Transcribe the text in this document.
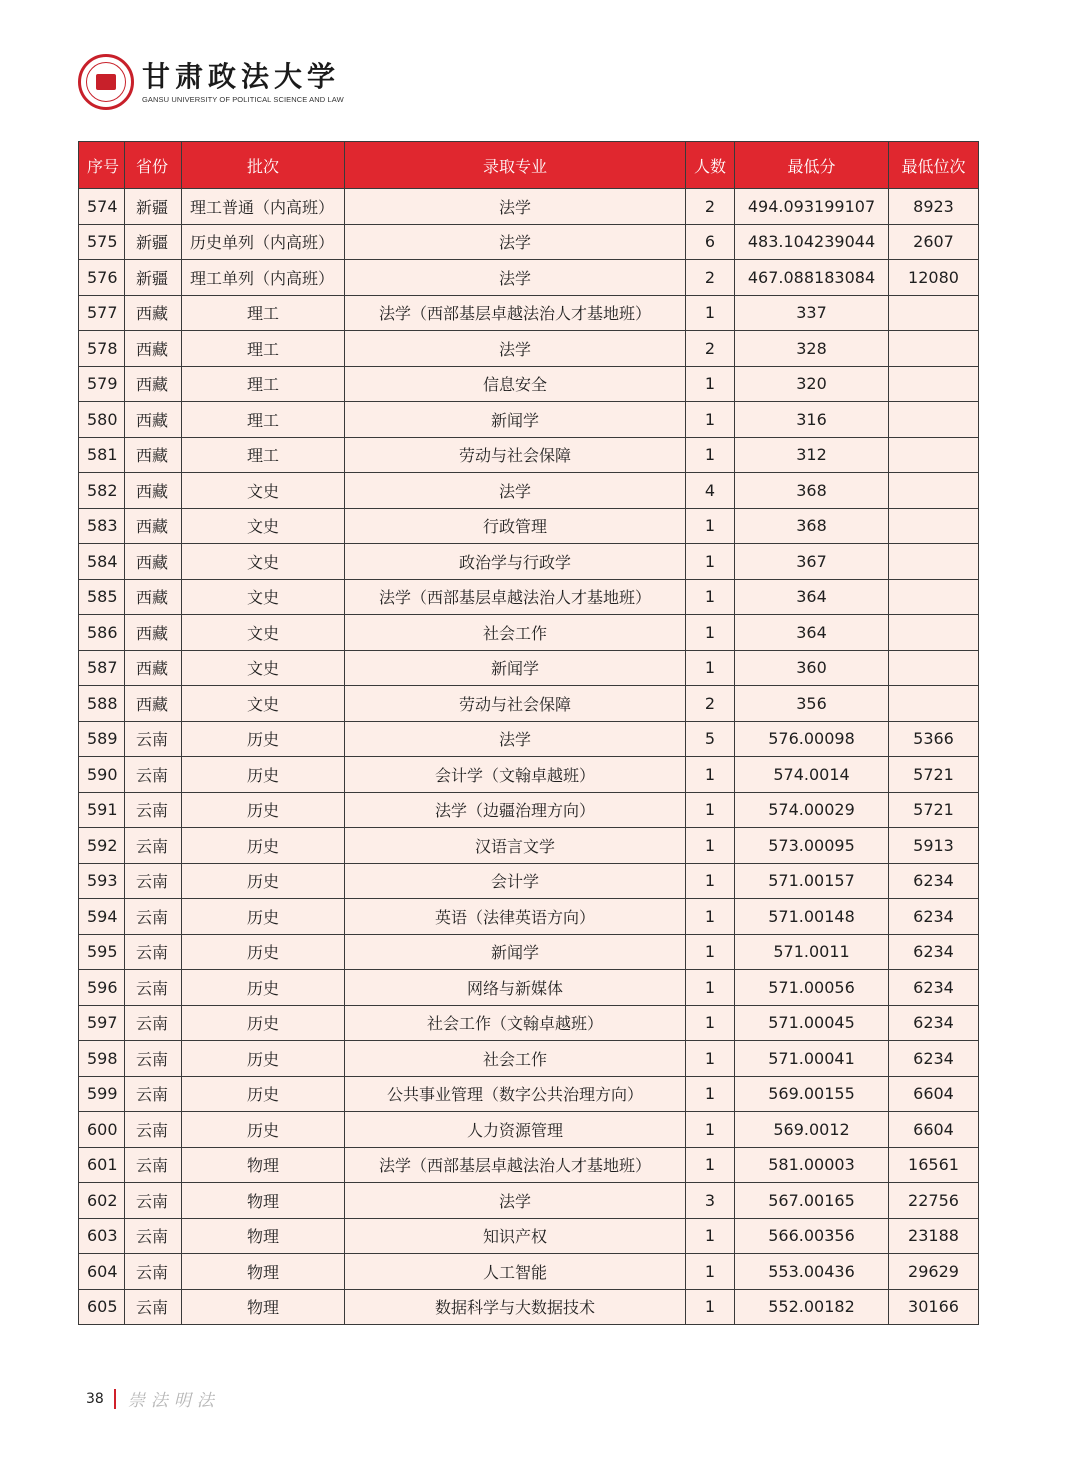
甘肃政法大学
GANSU UNIVERSITY OF POLITICAL SCIENCE AND LAW
序号	省份	批次	录取专业	人数	最低分	最低位次
574	新疆	理工普通（内高班）	法学	2	494.093199107	8923
575	新疆	历史单列（内高班）	法学	6	483.104239044	2607
576	新疆	理工单列（内高班）	法学	2	467.088183084	12080
577	西藏	理工	法学（西部基层卓越法治人才基地班）	1	337	
578	西藏	理工	法学	2	328	
579	西藏	理工	信息安全	1	320	
580	西藏	理工	新闻学	1	316	
581	西藏	理工	劳动与社会保障	1	312	
582	西藏	文史	法学	4	368	
583	西藏	文史	行政管理	1	368	
584	西藏	文史	政治学与行政学	1	367	
585	西藏	文史	法学（西部基层卓越法治人才基地班）	1	364	
586	西藏	文史	社会工作	1	364	
587	西藏	文史	新闻学	1	360	
588	西藏	文史	劳动与社会保障	2	356	
589	云南	历史	法学	5	576.00098	5366
590	云南	历史	会计学（文翰卓越班）	1	574.0014	5721
591	云南	历史	法学（边疆治理方向）	1	574.00029	5721
592	云南	历史	汉语言文学	1	573.00095	5913
593	云南	历史	会计学	1	571.00157	6234
594	云南	历史	英语（法律英语方向）	1	571.00148	6234
595	云南	历史	新闻学	1	571.0011	6234
596	云南	历史	网络与新媒体	1	571.00056	6234
597	云南	历史	社会工作（文翰卓越班）	1	571.00045	6234
598	云南	历史	社会工作	1	571.00041	6234
599	云南	历史	公共事业管理（数字公共治理方向）	1	569.00155	6604
600	云南	历史	人力资源管理	1	569.0012	6604
601	云南	物理	法学（西部基层卓越法治人才基地班）	1	581.00003	16561
602	云南	物理	法学	3	567.00165	22756
603	云南	物理	知识产权	1	566.00356	23188
604	云南	物理	人工智能	1	553.00436	29629
605	云南	物理	数据科学与大数据技术	1	552.00182	30166
38 崇法明法
